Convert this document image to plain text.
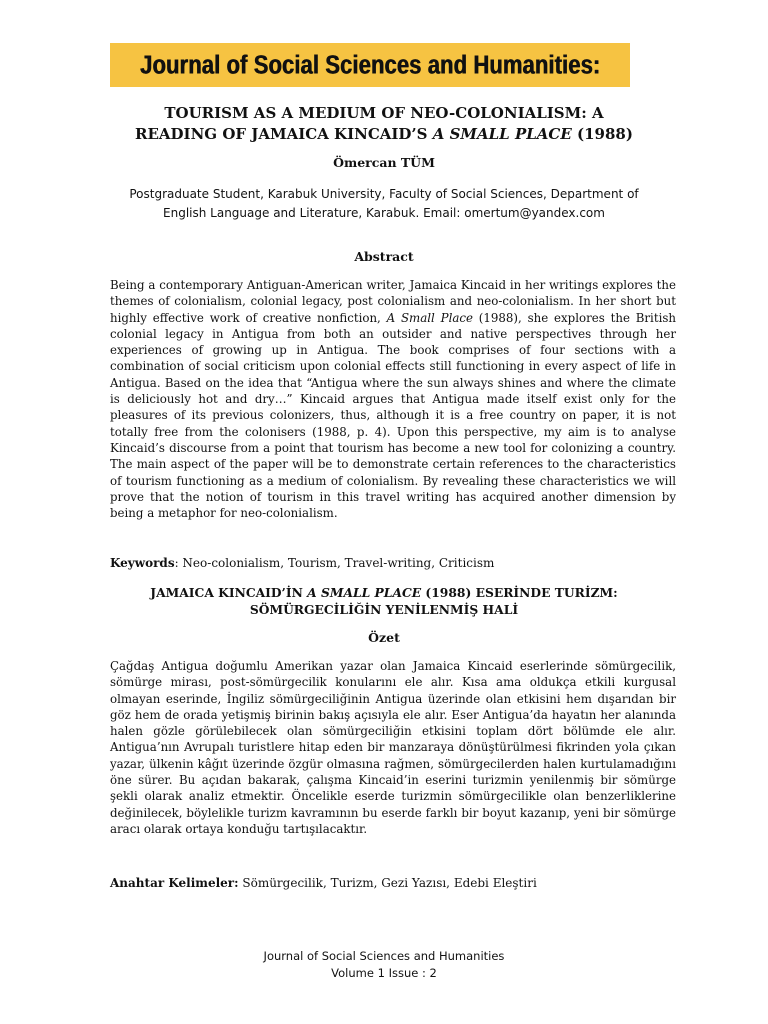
Journal of Social Sciences and Humanities:
TOURISM AS A MEDIUM OF NEO-COLONIALISM: A
READING OF JAMAICA KINCAID’S A SMALL PLACE (1988)
Ömercan TÜM
Postgraduate Student, Karabuk University, Faculty of Social Sciences, Department of
English Language and Literature, Karabuk. Email: omertum@yandex.com
Abstract
Being a contemporary Antiguan-American writer, Jamaica Kincaid in her writings explores the themes of colonialism, colonial legacy, post colonialism and neo-colonialism. In her short but highly effective work of creative nonfiction, A Small Place (1988), she explores the British colonial legacy in Antigua from both an outsider and native perspectives through her experiences of growing up in Antigua. The book comprises of four sections with a combination of social criticism upon colonial effects still functioning in every aspect of life in Antigua. Based on the idea that “Antigua where the sun always shines and where the climate is deliciously hot and dry…” Kincaid argues that Antigua made itself exist only for the pleasures of its previous colonizers, thus, although it is a free country on paper, it is not totally free from the colonisers (1988, p. 4). Upon this perspective, my aim is to analyse Kincaid’s discourse from a point that tourism has become a new tool for colonizing a country. The main aspect of the paper will be to demonstrate certain references to the characteristics of tourism functioning as a medium of colonialism. By revealing these characteristics we will prove that the notion of tourism in this travel writing has acquired another dimension by being a metaphor for neo-colonialism.
Keywords: Neo-colonialism, Tourism, Travel-writing, Criticism
JAMAICA KINCAID’İN A SMALL PLACE (1988) ESERİNDE TURİZM:
SÖMÜRGECİLİĞİN YENİLENMİŞ HALİ
Özet
Çağdaş Antigua doğumlu Amerikan yazar olan Jamaica Kincaid eserlerinde sömürgecilik, sömürge mirası, post-sömürgecilik konularını ele alır. Kısa ama oldukça etkili kurgusal olmayan eserinde, İngiliz sömürgeciliğinin Antigua üzerinde olan etkisini hem dışarıdan bir göz hem de orada yetişmiş birinin bakış açısıyla ele alır. Eser Antigua’da hayatın her alanında halen gözle görülebilecek olan sömürgeciliğin etkisini toplam dört bölümde ele alır. Antigua’nın Avrupalı turistlere hitap eden bir manzaraya dönüştürülmesi fikrinden yola çıkan yazar, ülkenin kâğıt üzerinde özgür olmasına rağmen, sömürgecilerden halen kurtulamadığını öne sürer. Bu açıdan bakarak, çalışma Kincaid’in eserini turizmin yenilenmiş bir sömürge şekli olarak analiz etmektir. Öncelikle eserde turizmin sömürgecilikle olan benzerliklerine değinilecek, böylelikle turizm kavramının bu eserde farklı bir boyut kazanıp, yeni bir sömürge aracı olarak ortaya konduğu tartışılacaktır.
Anahtar Kelimeler: Sömürgecilik, Turizm, Gezi Yazısı, Edebi Eleştiri
Journal of Social Sciences and Humanities
Volume 1 Issue : 2
